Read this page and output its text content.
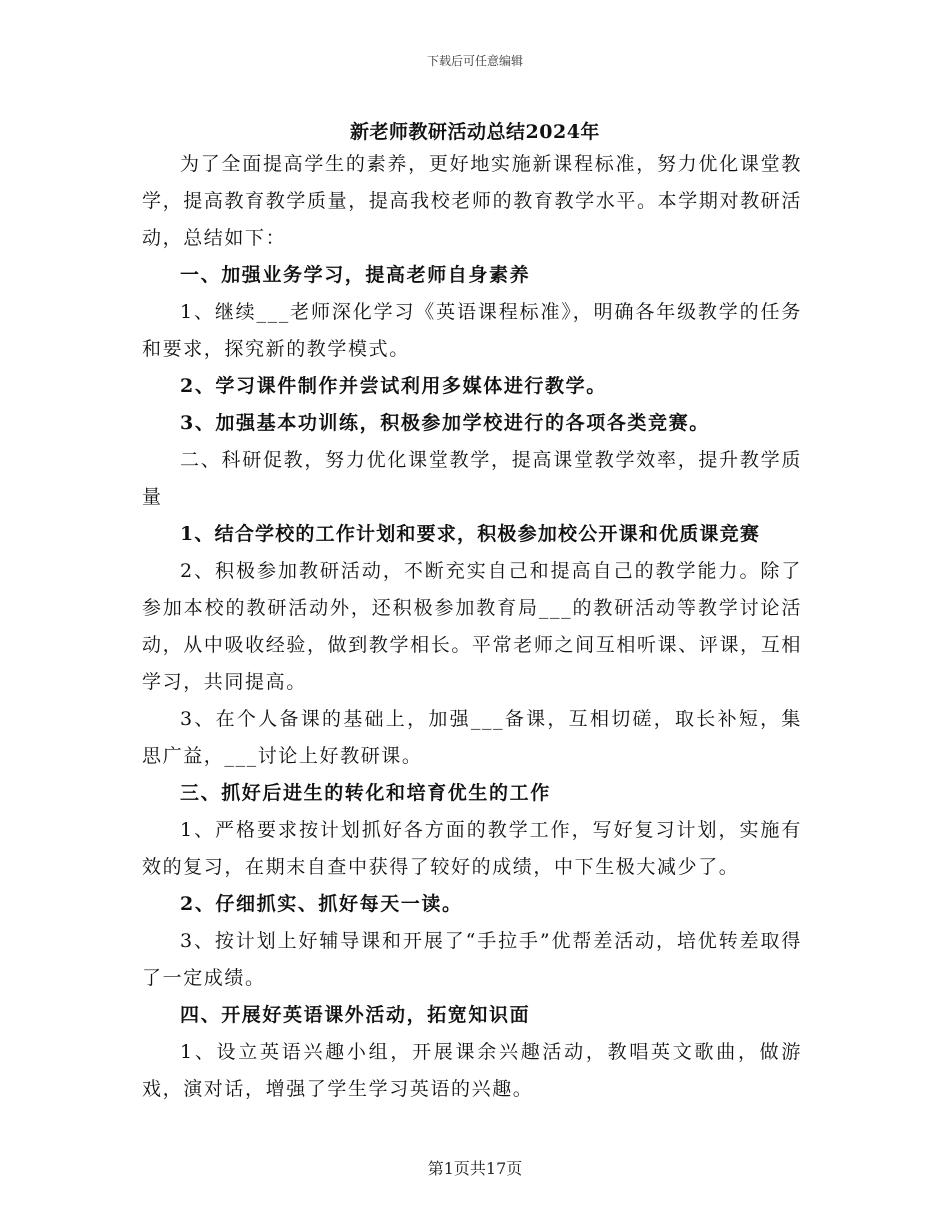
下载后可任意编辑
新老师教研活动总结2024年

为了全面提高学生的素养，更好地实施新课程标准，努力优化课堂教学，提高教育教学质量，提高我校老师的教育教学水平。本学期对教研活动，总结如下：

一、加强业务学习，提高老师自身素养

1、继续___老师深化学习《英语课程标准》，明确各年级教学的任务和要求，探究新的教学模式。

2、学习课件制作并尝试利用多媒体进行教学。

3、加强基本功训练，积极参加学校进行的各项各类竞赛。

二、科研促教，努力优化课堂教学，提高课堂教学效率，提升教学质量

1、结合学校的工作计划和要求，积极参加校公开课和优质课竞赛

2、积极参加教研活动，不断充实自己和提高自己的教学能力。除了参加本校的教研活动外，还积极参加教育局___的教研活动等教学讨论活动，从中吸收经验，做到教学相长。平常老师之间互相听课、评课，互相学习，共同提高。

3、在个人备课的基础上，加强___备课，互相切磋，取长补短，集思广益，___讨论上好教研课。

三、抓好后进生的转化和培育优生的工作

1、严格要求按计划抓好各方面的教学工作，写好复习计划，实施有效的复习，在期末自查中获得了较好的成绩，中下生极大减少了。

2、仔细抓实、抓好每天一读。

3、按计划上好辅导课和开展了“手拉手”优帮差活动，培优转差取得了一定成绩。

四、开展好英语课外活动，拓宽知识面

1、设立英语兴趣小组，开展课余兴趣活动，教唱英文歌曲，做游戏，演对话，增强了学生学习英语的兴趣。

第1页共17页
